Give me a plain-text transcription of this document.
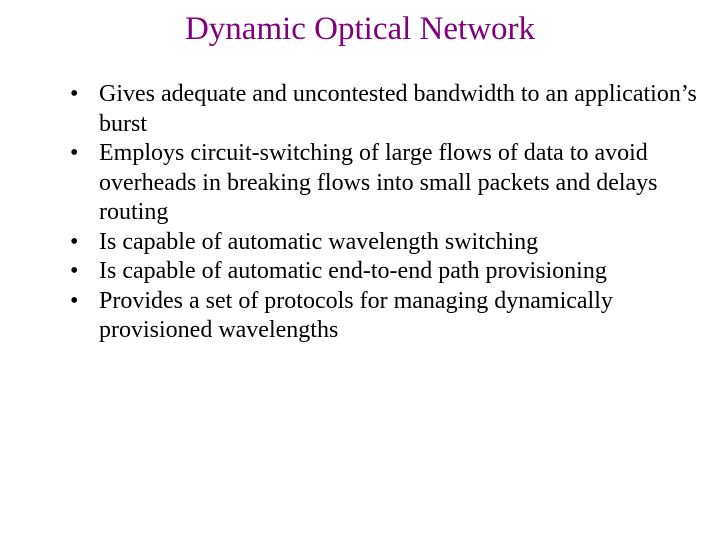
Dynamic Optical Network
• Gives adequate and uncontested bandwidth to an application’s burst
• Employs circuit-switching of large flows of data to avoid overheads in breaking flows into small packets and delays routing
• Is capable of automatic wavelength switching
• Is capable of automatic end-to-end path provisioning
• Provides a set of protocols for managing dynamically provisioned wavelengths
